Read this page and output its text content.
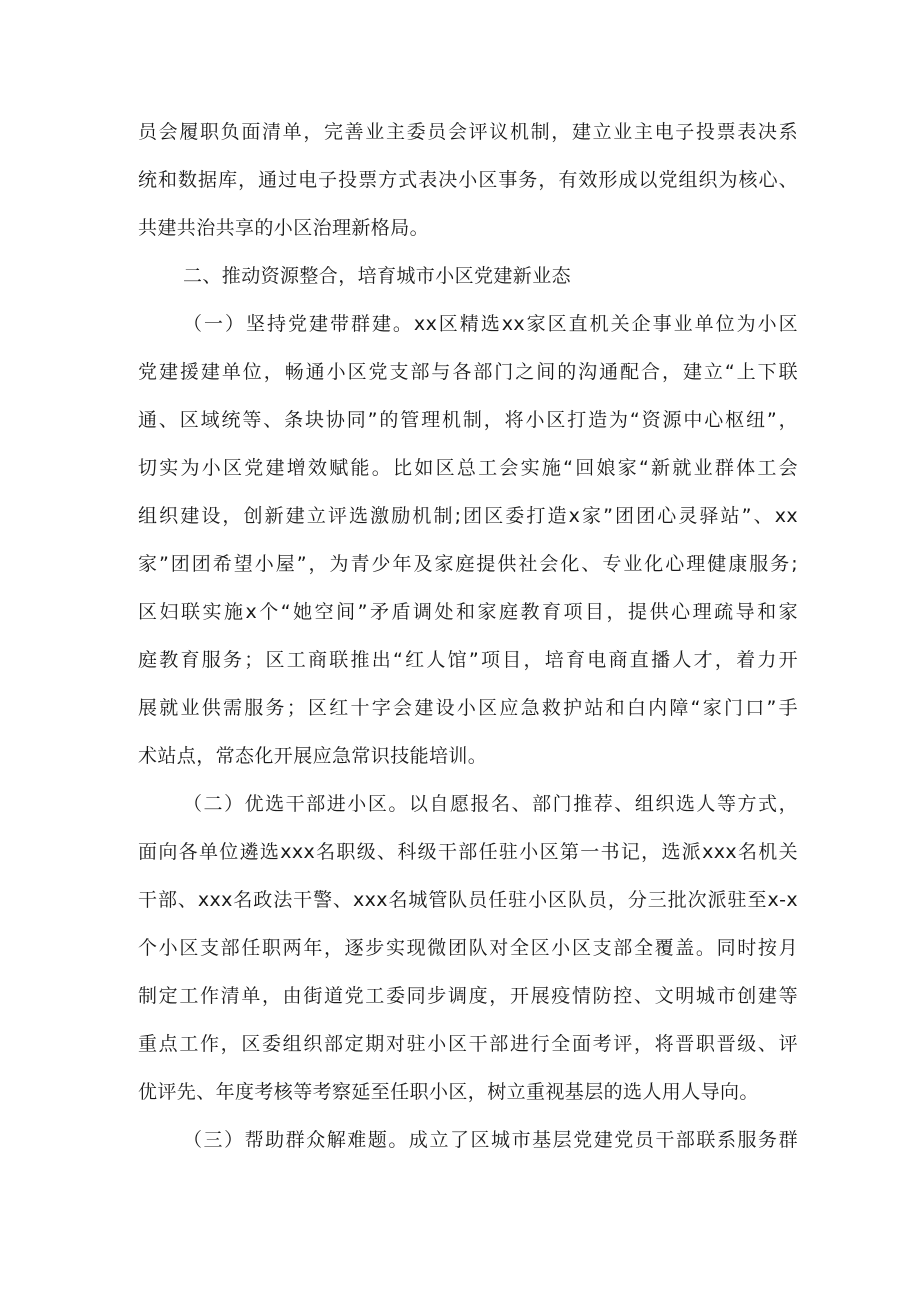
员会履职负面清单，完善业主委员会评议机制，建立业主电子投票表决系
统和数据库，通过电子投票方式表决小区事务，有效形成以党组织为核心、
共建共治共享的小区治理新格局。
二、推动资源整合，培育城市小区党建新业态
（一）坚持党建带群建。xx区精选xx家区直机关企事业单位为小区
党建援建单位，畅通小区党支部与各部门之间的沟通配合，建立“上下联
通、区域统等、条块协同”的管理机制，将小区打造为“资源中心枢纽”，
切实为小区党建增效赋能。比如区总工会实施“回娘家“新就业群体工会
组织建设，创新建立评选激励机制;团区委打造x家”团团心灵驿站”、xx
家”团团希望小屋”，为青少年及家庭提供社会化、专业化心理健康服务;
区妇联实施x个“她空间”矛盾调处和家庭教育项目，提供心理疏导和家
庭教育服务；区工商联推出“红人馆”项目，培育电商直播人才，着力开
展就业供需服务；区红十字会建设小区应急救护站和白内障“家门口”手
术站点，常态化开展应急常识技能培训。
（二）优选干部进小区。以自愿报名、部门推荐、组织选人等方式，
面向各单位遴选xxx名职级、科级干部任驻小区第一书记，选派xxx名机关
干部、xxx名政法干警、xxx名城管队员任驻小区队员，分三批次派驻至x-x
个小区支部任职两年，逐步实现微团队对全区小区支部全覆盖。同时按月
制定工作清单，由街道党工委同步调度，开展疫情防控、文明城市创建等
重点工作，区委组织部定期对驻小区干部进行全面考评，将晋职晋级、评
优评先、年度考核等考察延至任职小区，树立重视基层的选人用人导向。
（三）帮助群众解难题。成立了区城市基层党建党员干部联系服务群
